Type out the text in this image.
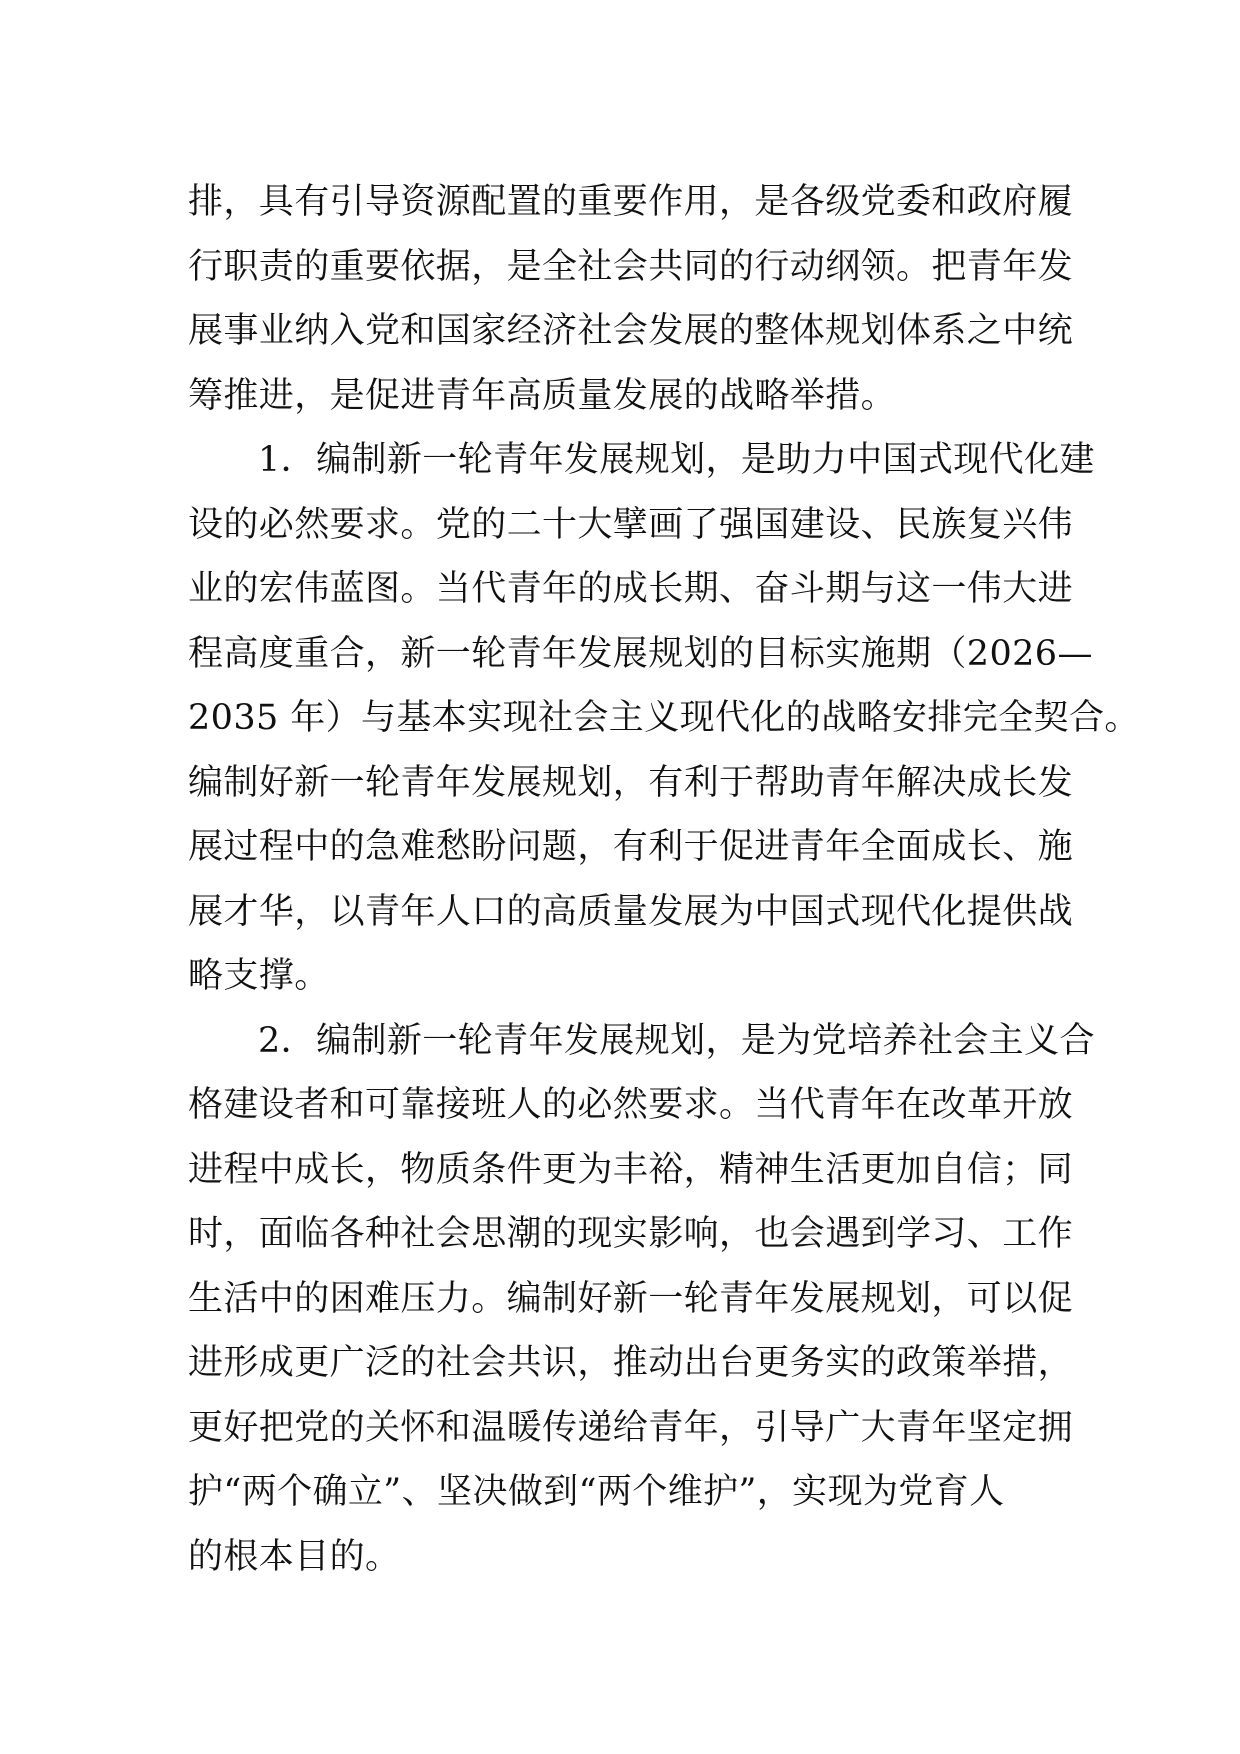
排，具有引导资源配置的重要作用，是各级党委和政府履
行职责的重要依据，是全社会共同的行动纲领。把青年发
展事业纳入党和国家经济社会发展的整体规划体系之中统
筹推进，是促进青年高质量发展的战略举措。
1．编制新一轮青年发展规划，是助力中国式现代化建
设的必然要求。党的二十大擘画了强国建设、民族复兴伟
业的宏伟蓝图。当代青年的成长期、奋斗期与这一伟大进
程高度重合，新一轮青年发展规划的目标实施期（2026—
2035 年）与基本实现社会主义现代化的战略安排完全契合。
编制好新一轮青年发展规划，有利于帮助青年解决成长发
展过程中的急难愁盼问题，有利于促进青年全面成长、施
展才华，以青年人口的高质量发展为中国式现代化提供战
略支撑。
2．编制新一轮青年发展规划，是为党培养社会主义合
格建设者和可靠接班人的必然要求。当代青年在改革开放
进程中成长，物质条件更为丰裕，精神生活更加自信；同
时，面临各种社会思潮的现实影响，也会遇到学习、工作
生活中的困难压力。编制好新一轮青年发展规划，可以促
进形成更广泛的社会共识，推动出台更务实的政策举措，
更好把党的关怀和温暖传递给青年，引导广大青年坚定拥
护“两个确立”、坚决做到“两个维护”，实现为党育人
的根本目的。
